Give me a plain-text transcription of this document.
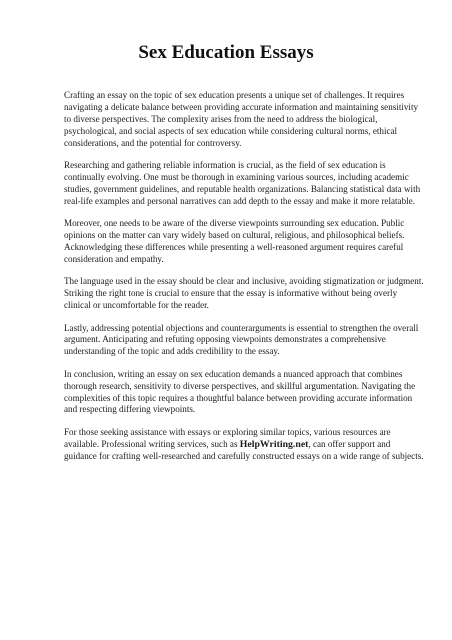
Sex Education Essays

Crafting an essay on the topic of sex education presents a unique set of challenges. It requires navigating a delicate balance between providing accurate information and maintaining sensitivity to diverse perspectives. The complexity arises from the need to address the biological, psychological, and social aspects of sex education while considering cultural norms, ethical considerations, and the potential for controversy.

Researching and gathering reliable information is crucial, as the field of sex education is continually evolving. One must be thorough in examining various sources, including academic studies, government guidelines, and reputable health organizations. Balancing statistical data with real-life examples and personal narratives can add depth to the essay and make it more relatable.

Moreover, one needs to be aware of the diverse viewpoints surrounding sex education. Public opinions on the matter can vary widely based on cultural, religious, and philosophical beliefs. Acknowledging these differences while presenting a well-reasoned argument requires careful consideration and empathy.

The language used in the essay should be clear and inclusive, avoiding stigmatization or judgment. Striking the right tone is crucial to ensure that the essay is informative without being overly clinical or uncomfortable for the reader.

Lastly, addressing potential objections and counterarguments is essential to strengthen the overall argument. Anticipating and refuting opposing viewpoints demonstrates a comprehensive understanding of the topic and adds credibility to the essay.

In conclusion, writing an essay on sex education demands a nuanced approach that combines thorough research, sensitivity to diverse perspectives, and skillful argumentation. Navigating the complexities of this topic requires a thoughtful balance between providing accurate information and respecting differing viewpoints.

For those seeking assistance with essays or exploring similar topics, various resources are available. Professional writing services, such as HelpWriting.net, can offer support and guidance for crafting well-researched and carefully constructed essays on a wide range of subjects.
